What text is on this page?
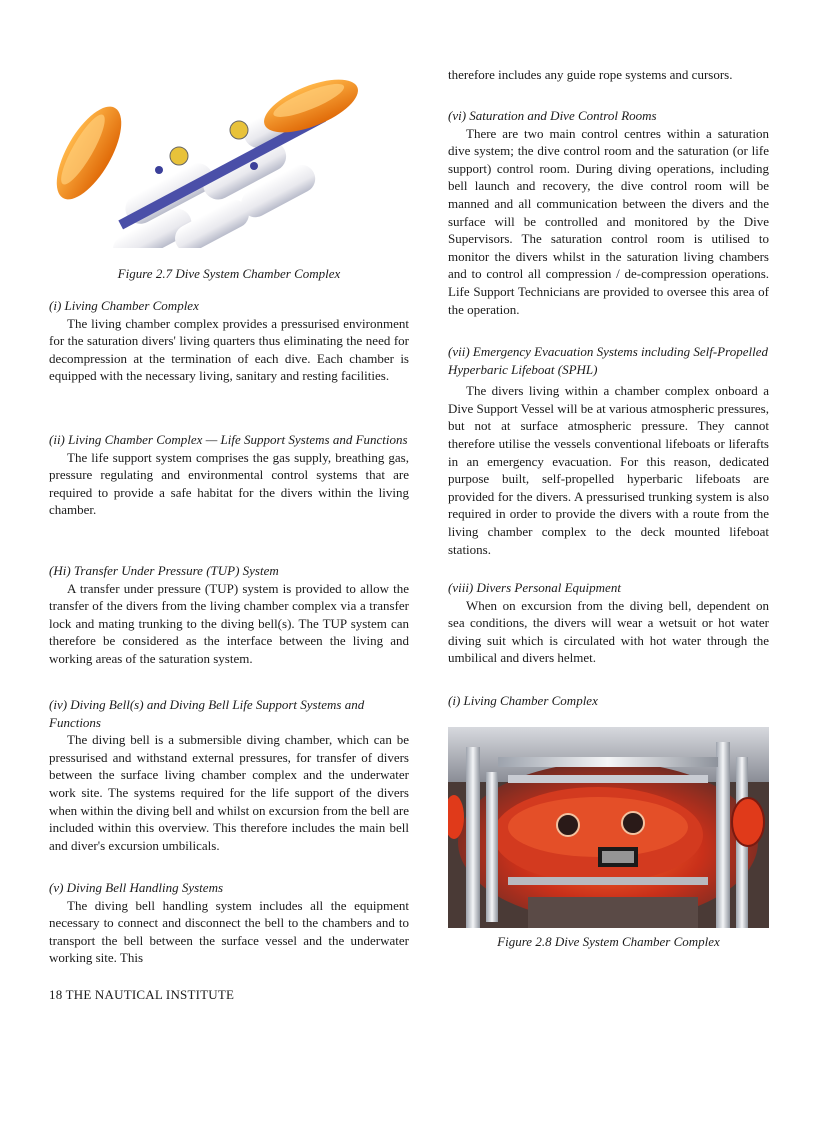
Figure 2.7 Dive System Chamber Complex

(i) Living Chamber Complex

The living chamber complex provides a pressurised environment for the saturation divers' living quarters thus eliminating the need for decompression at the termination of each dive. Each chamber is equipped with the necessary living, sanitary and resting facilities.

(ii) Living Chamber Complex — Life Support Systems and Functions

The life support system comprises the gas supply, breathing gas, pressure regulating and environmental control systems that are required to provide a safe habitat for the divers within the living chamber.

(Hi) Transfer Under Pressure (TUP) System

A transfer under pressure (TUP) system is provided to allow the transfer of the divers from the living chamber complex via a transfer lock and mating trunking to the diving bell(s). The TUP system can therefore be considered as the interface between the living and working areas of the saturation system.

(iv) Diving Bell(s) and Diving Bell Life Support Systems and Functions

The diving bell is a submersible diving chamber, which can be pressurised and withstand external pressures, for transfer of divers between the surface living chamber complex and the underwater work site. The systems required for the life support of the divers when within the diving bell and whilst on excursion from the bell are included within this overview. This therefore includes the main bell and diver's excursion umbilicals.

(v) Diving Bell Handling Systems

The diving bell handling system includes all the equipment necessary to connect and disconnect the bell to the chambers and to transport the bell between the surface vessel and the underwater working site. This

therefore includes any guide rope systems and cursors.

(vi) Saturation and Dive Control Rooms

There are two main control centres within a saturation dive system; the dive control room and the saturation (or life support) control room. During diving operations, including bell launch and recovery, the dive control room will be manned and all communication between the divers and the surface will be controlled and monitored by the Dive Supervisors. The saturation control room is utilised to monitor the divers whilst in the saturation living chambers and to control all compression / de-compression operations. Life Support Technicians are provided to oversee this area of the operation.

(vii) Emergency Evacuation Systems including Self-Propelled Hyperbaric Lifeboat (SPHL)

The divers living within a chamber complex onboard a Dive Support Vessel will be at various atmospheric pressures, but not at surface atmospheric pressure. They cannot therefore utilise the vessels conventional lifeboats or liferafts in an emergency evacuation. For this reason, dedicated purpose built, self-propelled hyperbaric lifeboats are provided for the divers. A pressurised trunking system is also required in order to provide the divers with a route from the living chamber complex to the deck mounted lifeboat stations.

(viii) Divers Personal Equipment

When on excursion from the diving bell, dependent on sea conditions, the divers will wear a wetsuit or hot water diving suit which is circulated with hot water through the umbilical and divers helmet.

(i) Living Chamber Complex

Figure 2.8 Dive System Chamber Complex
18 THE NAUTICAL INSTITUTE
